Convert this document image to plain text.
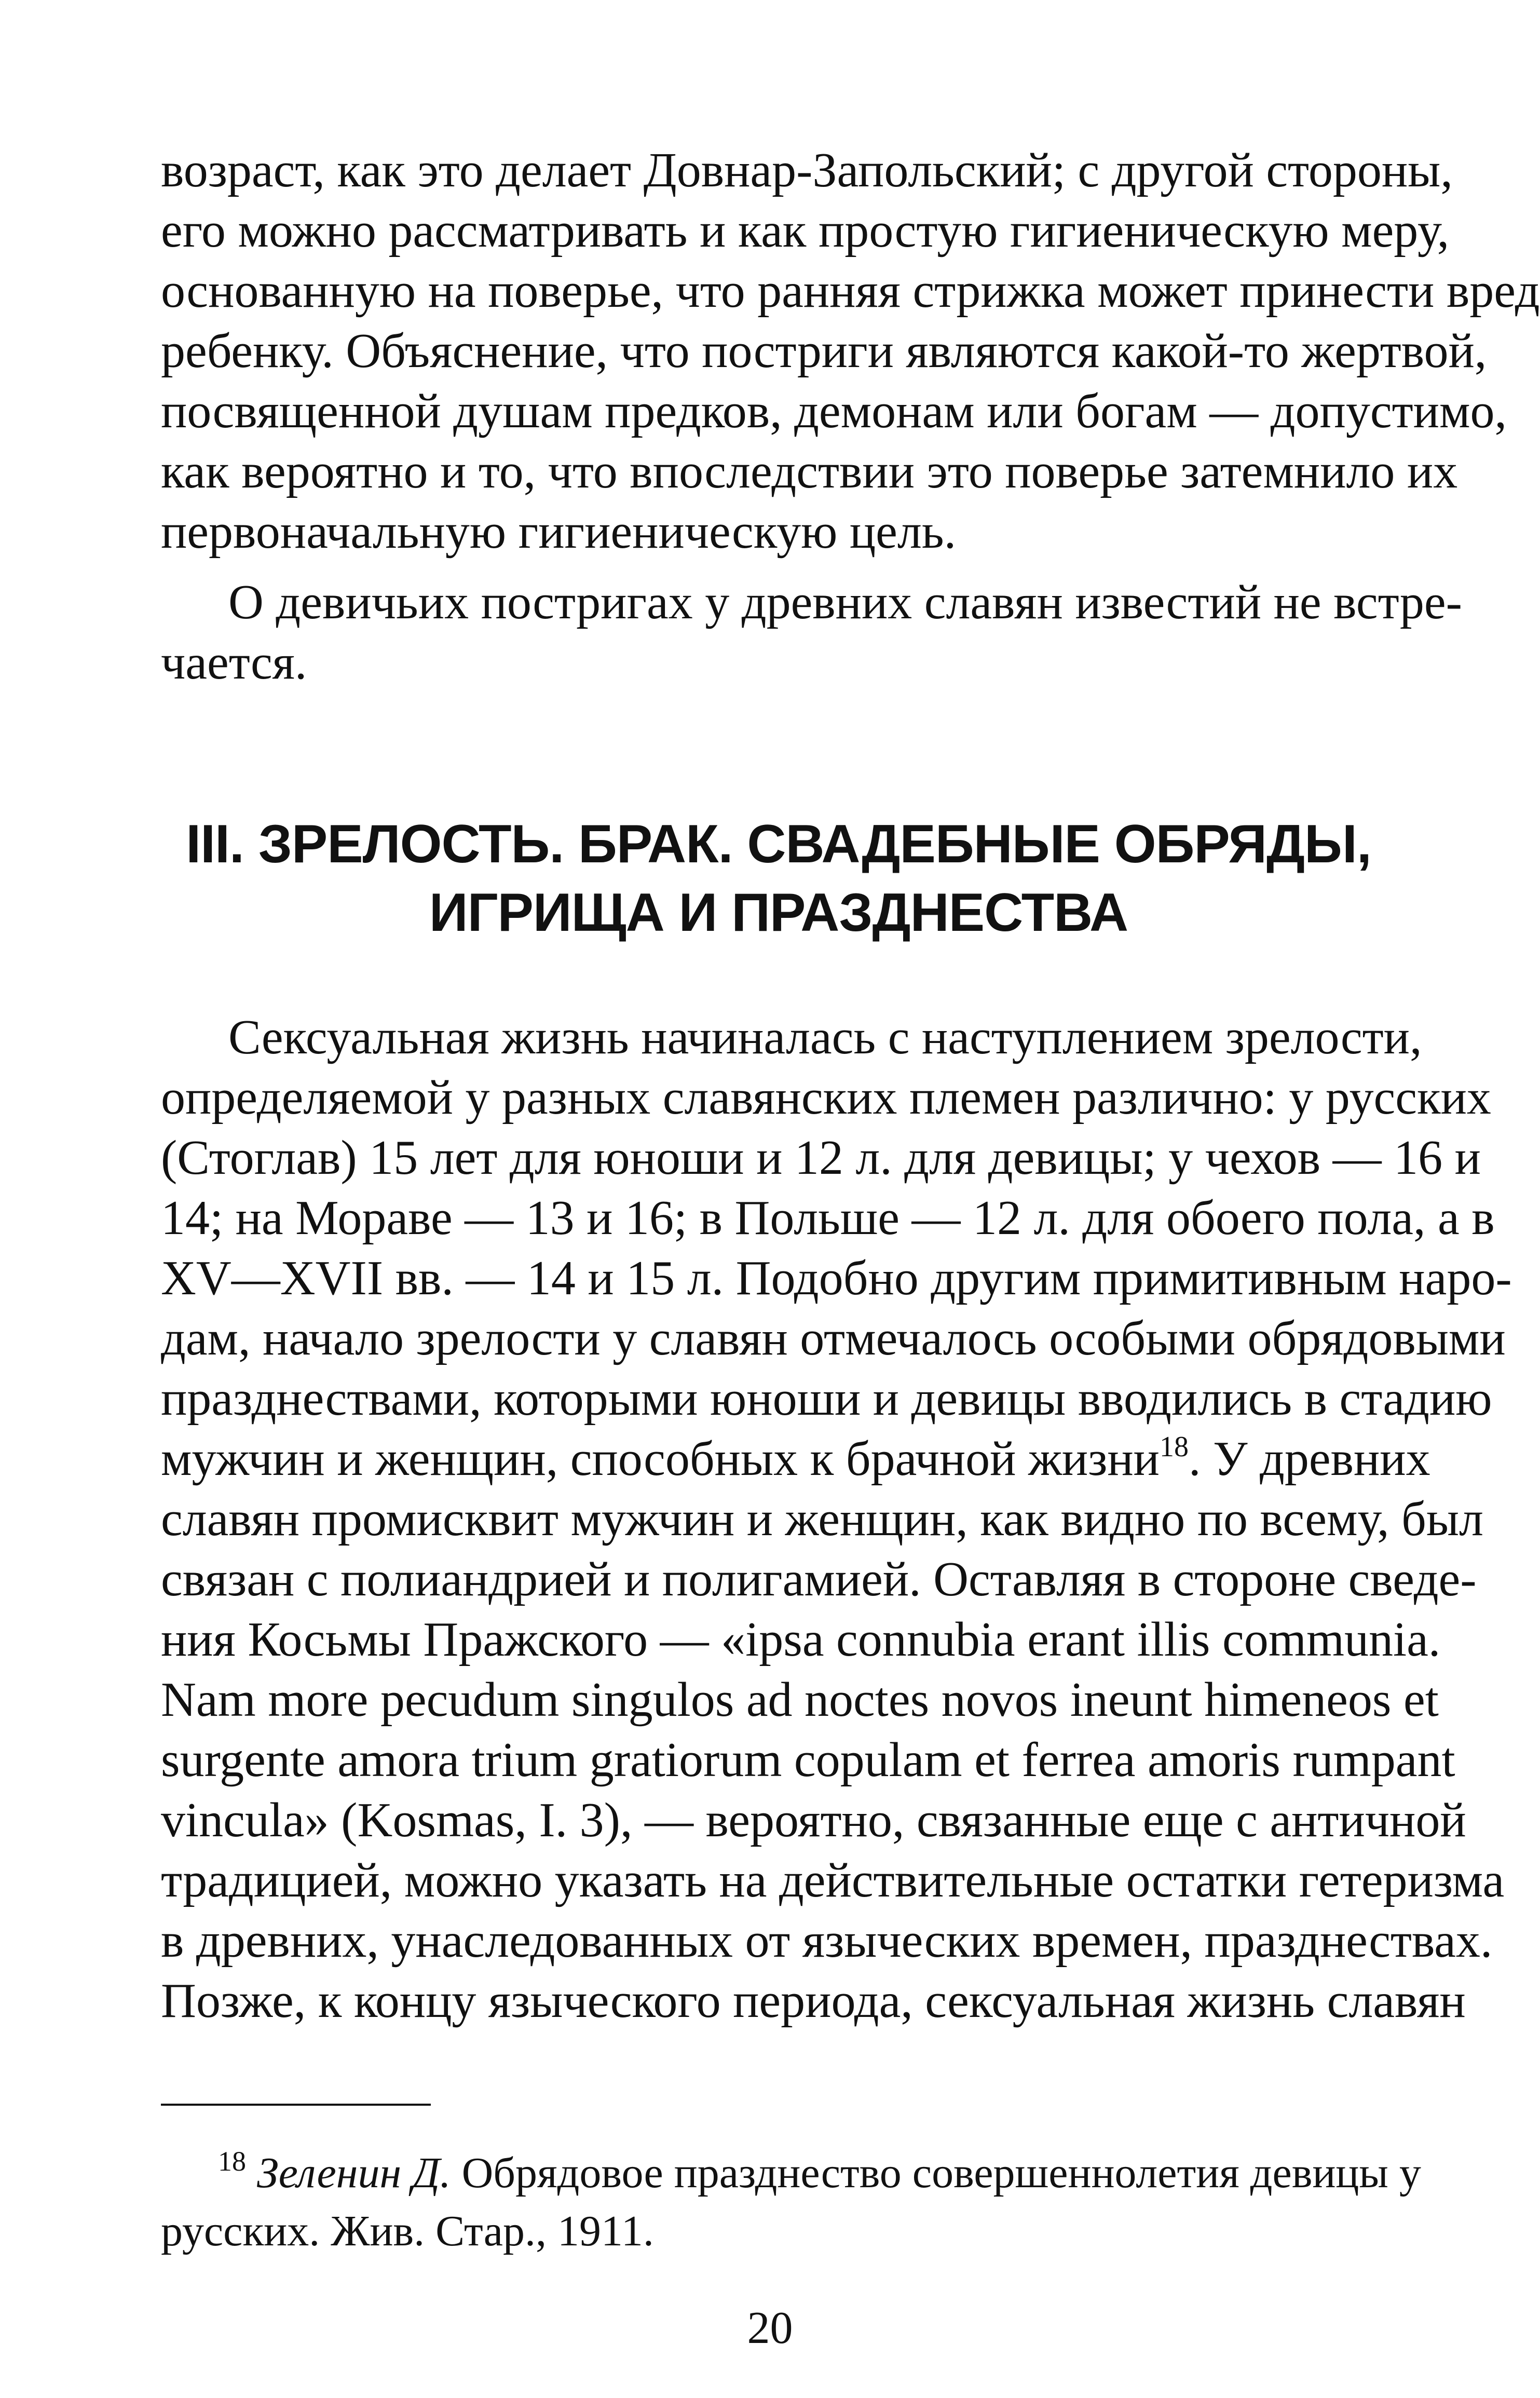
возраст, как это делает Довнар-Запольский; с другой стороны,
его можно рассматривать и как простую гигиеническую меру,
основанную на поверье, что ранняя стрижка может принести вред
ребенку. Объяснение, что постриги являются какой-то жертвой,
посвященной душам предков, демонам или богам — допустимо,
как вероятно и то, что впоследствии это поверье затемнило их
первоначальную гигиеническую цель.
О девичьих постригах у древних славян известий не встре-
чается.
III. ЗРЕЛОСТЬ. БРАК. СВАДЕБНЫЕ ОБРЯДЫ,
ИГРИЩА И ПРАЗДНЕСТВА
Сексуальная жизнь начиналась с наступлением зрелости,
определяемой у разных славянских племен различно: у русских
(Стоглав) 15 лет для юноши и 12 л. для девицы; у чехов — 16 и
14; на Мораве — 13 и 16; в Польше — 12 л. для обоего пола, а в
XV—XVII вв. — 14 и 15 л. Подобно другим примитивным наро-
дам, начало зрелости у славян отмечалось особыми обрядовыми
празднествами, которыми юноши и девицы вводились в стадию
мужчин и женщин, способных к брачной жизни$^{18}$. У древних
славян промисквит мужчин и женщин, как видно по всему, был
связан с полиандрией и полигамией. Оставляя в стороне сведе-
ния Косьмы Пражского — «ipsa connubia erant illis communia.
Nam more pecudum singulos ad noctes novos ineunt himeneos et
surgente amora trium gratiorum copulam et ferrea amoris rumpant
vincula» (Kosmas, I. 3), — вероятно, связанные еще с античной
традицией, можно указать на действительные остатки гетеризма
в древних, унаследованных от языческих времен, празднествах.
Позже, к концу языческого периода, сексуальная жизнь славян
$^{18}$ Зеленин Д. Обрядовое празднество совершеннолетия девицы у
русских. Жив. Стар., 1911.
20
